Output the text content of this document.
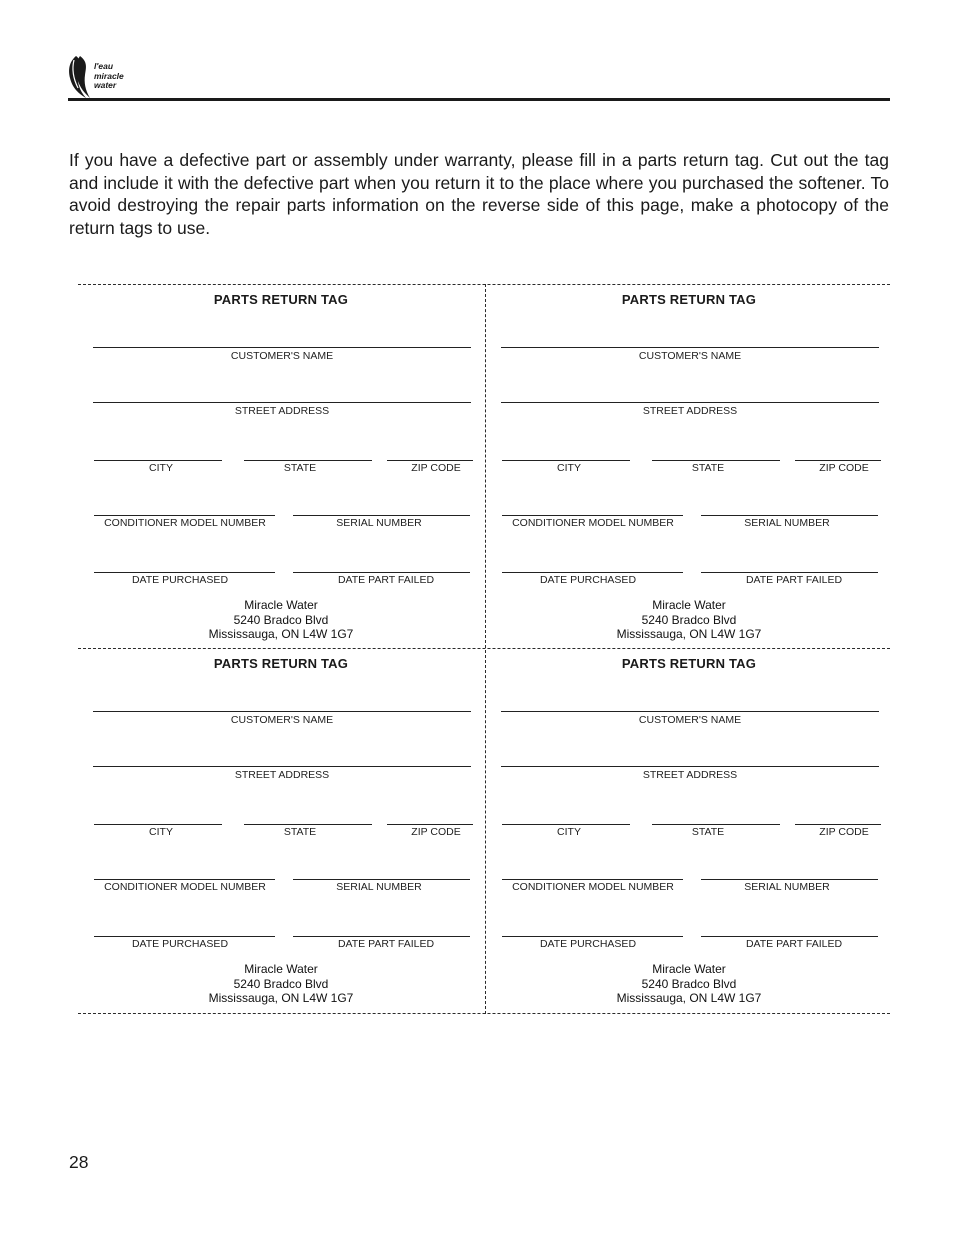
l'eau
miracle
water
If you have a defective part or assembly under warranty, please fill in a parts return tag. Cut out the tag and include it with the defective part when you return it to the place where you purchased the softener. To avoid destroying the repair parts information on the reverse side of this page, make a photocopy of the return tags to use.
PARTS RETURN TAG
CUSTOMER'S NAME
STREET ADDRESS
CITY	STATE	ZIP CODE
CONDITIONER MODEL NUMBER	SERIAL NUMBER
DATE PURCHASED	DATE PART FAILED
Miracle Water
5240 Bradco Blvd
Mississauga, ON L4W 1G7
PARTS RETURN TAG
CUSTOMER'S NAME
STREET ADDRESS
CITY	STATE	ZIP CODE
CONDITIONER MODEL NUMBER	SERIAL NUMBER
DATE PURCHASED	DATE PART FAILED
Miracle Water
5240 Bradco Blvd
Mississauga, ON L4W 1G7
PARTS RETURN TAG
CUSTOMER'S NAME
STREET ADDRESS
CITY	STATE	ZIP CODE
CONDITIONER MODEL NUMBER	SERIAL NUMBER
DATE PURCHASED	DATE PART FAILED
Miracle Water
5240 Bradco Blvd
Mississauga, ON L4W 1G7
PARTS RETURN TAG
CUSTOMER'S NAME
STREET ADDRESS
CITY	STATE	ZIP CODE
CONDITIONER MODEL NUMBER	SERIAL NUMBER
DATE PURCHASED	DATE PART FAILED
Miracle Water
5240 Bradco Blvd
Mississauga, ON L4W 1G7
28
